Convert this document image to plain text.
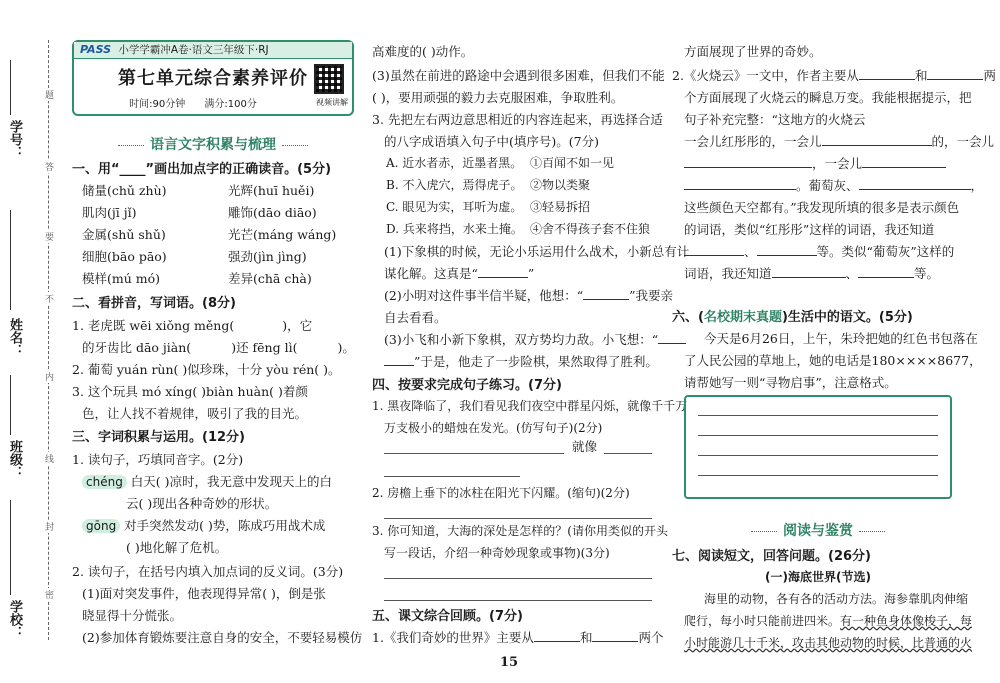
学号：
姓名：
班级：
学校：
题
答
要
不
内
线
封
密
PASS 小学学霸冲A卷·语文三年级下·RJ
第七单元综合素养评价
时间:90分钟 满分:100分	视频讲解
语言文字积累与梳理
一、用“____”画出加点字的正确读音。(5分)
储量(chǔ zhù)	光辉(huī huěi)
肌肉(jī jǐ)	雕饰(dāo diāo)
金属(shǔ shǔ)	光芒(máng wáng)
细胞(bāo pāo)	强劲(jìn jìng)
模样(mú mó)	差异(chā chà)
二、看拼音，写词语。(8分)
1. 老虎既 wēi xiǒng měng(	)，它
的牙齿比 dāo jiàn(	)还 fēng lì(	)。
2. 葡萄 yuán rùn( )似珍珠，十分 yòu rén( )。
3. 这个玩具 mó xíng( )biàn huàn( )着颜
色，让人找不着规律，吸引了我的目光。
三、字词积累与运用。(12分)
1. 读句子，巧填同音字。(2分)
chéng 白天( )凉时，我无意中发现天上的白
云( )现出各种奇妙的形状。
gōng 对手突然发动( )势，陈成巧用战术成
( )地化解了危机。
2. 读句子，在括号内填入加点词的反义词。(3分)
(1)面对突发事件，他表现得异常( )，倒是张
晓显得十分慌张。
(2)参加体育锻炼要注意自身的安全，不要轻易模仿
高难度的( )动作。
(3)虽然在前进的路途中会遇到很多困难，但我们不能
( )，要用顽强的毅力去克服困难，争取胜利。
3. 先把左右两边意思相近的内容连起来，再选择合适
的八字成语填入句子中(填序号)。(7分)
A. 近水者赤，近墨者黑。 ①百闻不如一见
B. 不入虎穴，焉得虎子。 ②物以类聚
C. 眼见为实，耳听为虚。 ③轻易拆招
D. 兵来将挡，水来土掩。 ④舍不得孩子套不住狼
(1)下象棋的时候，无论小乐运用什么战术，小新总有计
谋化解。这真是“	”
(2)小明对这件事半信半疑，他想：“	”我要亲
自去看看。
(3)小飞和小新下象棋，双方势均力敌。小飞想：“
”于是，他走了一步险棋，果然取得了胜利。
四、按要求完成句子练习。(7分)
1. 黑夜降临了，我们看见我们夜空中群星闪烁，就像千千万
万支极小的蜡烛在发光。(仿写句子)(2分)
就像
2. 房檐上垂下的冰柱在阳光下闪耀。(缩句)(2分)
3. 你可知道，大海的深处是怎样的？(请你用类似的开头
写一段话，介绍一种奇妙现象或事物)(3分)
五、课文综合回顾。(7分)
1.《我们奇妙的世界》主要从	和	两个
方面展现了世界的奇妙。
2.《火烧云》一文中，作者主要从	和	两
个方面展现了火烧云的瞬息万变。我能根据提示，把
句子补充完整：“这地方的火烧云
一会儿红彤彤的，一会儿	的，一会儿
，一会儿
。葡萄灰、	，
这些颜色天空都有。”我发现所填的很多是表示颜色
的词语，类似“红彤彤”这样的词语，我还知道
、	等。类似“葡萄灰”这样的
词语，我还知道	、	等。
六、(名校期末真题)生活中的语文。(5分)
今天是6月26日，上午，朱玲把她的红色书包落在
了人民公园的草地上，她的电话是180××××8677，
请帮她写一则“寻物启事”，注意格式。
阅读与鉴赏
七、阅读短文，回答问题。(26分)
(一)海底世界(节选)
海里的动物，各有各的活动方法。海参靠肌肉伸缩
爬行，每小时只能前进四米。有一种鱼身体像梭子，每
小时能游几十千米，攻击其他动物的时候，比普通的火
15
